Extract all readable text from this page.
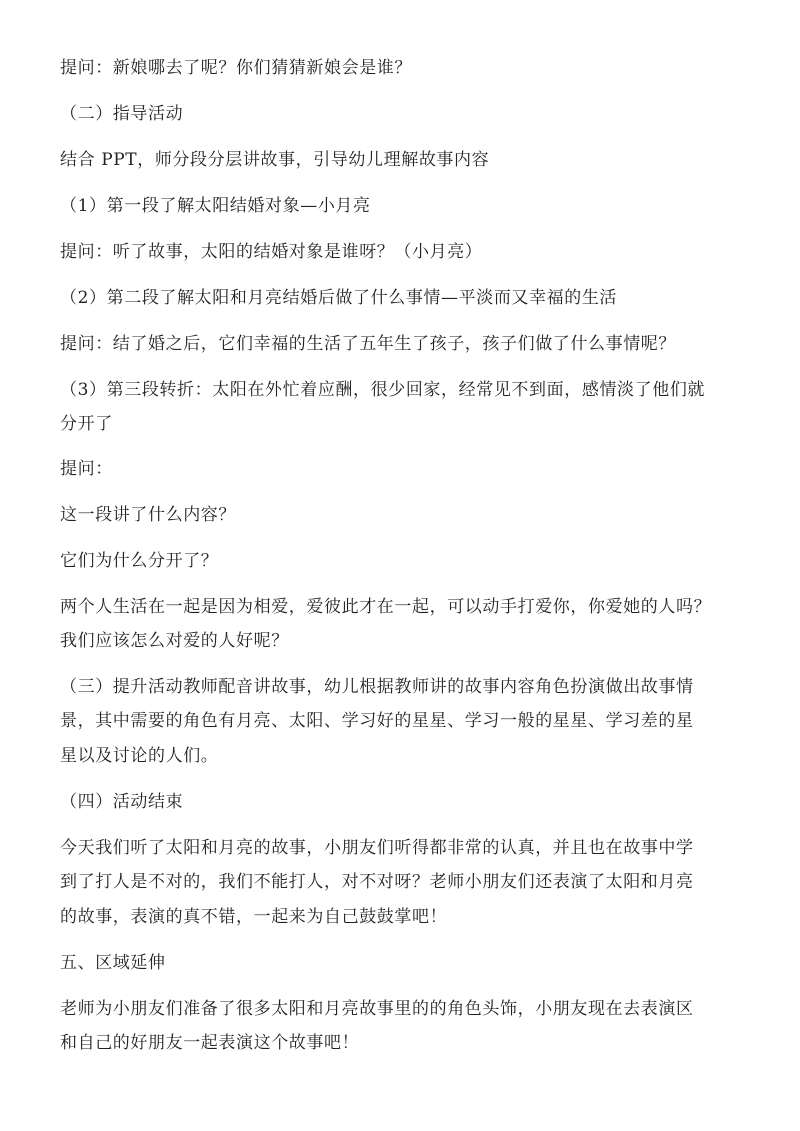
提问：新娘哪去了呢？你们猜猜新娘会是谁？
（二）指导活动
结合 PPT，师分段分层讲故事，引导幼儿理解故事内容
（1）第一段了解太阳结婚对象—小月亮
提问：听了故事，太阳的结婚对象是谁呀？（小月亮）
（2）第二段了解太阳和月亮结婚后做了什么事情—平淡而又幸福的生活
提问：结了婚之后，它们幸福的生活了五年生了孩子，孩子们做了什么事情呢？
（3）第三段转折：太阳在外忙着应酬，很少回家，经常见不到面，感情淡了他们就
分开了
提问：
这一段讲了什么内容？
它们为什么分开了？
两个人生活在一起是因为相爱，爱彼此才在一起，可以动手打爱你，你爱她的人吗？
我们应该怎么对爱的人好呢？
（三）提升活动教师配音讲故事，幼儿根据教师讲的故事内容角色扮演做出故事情
景，其中需要的角色有月亮、太阳、学习好的星星、学习一般的星星、学习差的星
星以及讨论的人们。
（四）活动结束
今天我们听了太阳和月亮的故事，小朋友们听得都非常的认真，并且也在故事中学
到了打人是不对的，我们不能打人，对不对呀？老师小朋友们还表演了太阳和月亮
的故事，表演的真不错，一起来为自己鼓鼓掌吧！
五、区域延伸
老师为小朋友们准备了很多太阳和月亮故事里的的角色头饰，小朋友现在去表演区
和自己的好朋友一起表演这个故事吧！
